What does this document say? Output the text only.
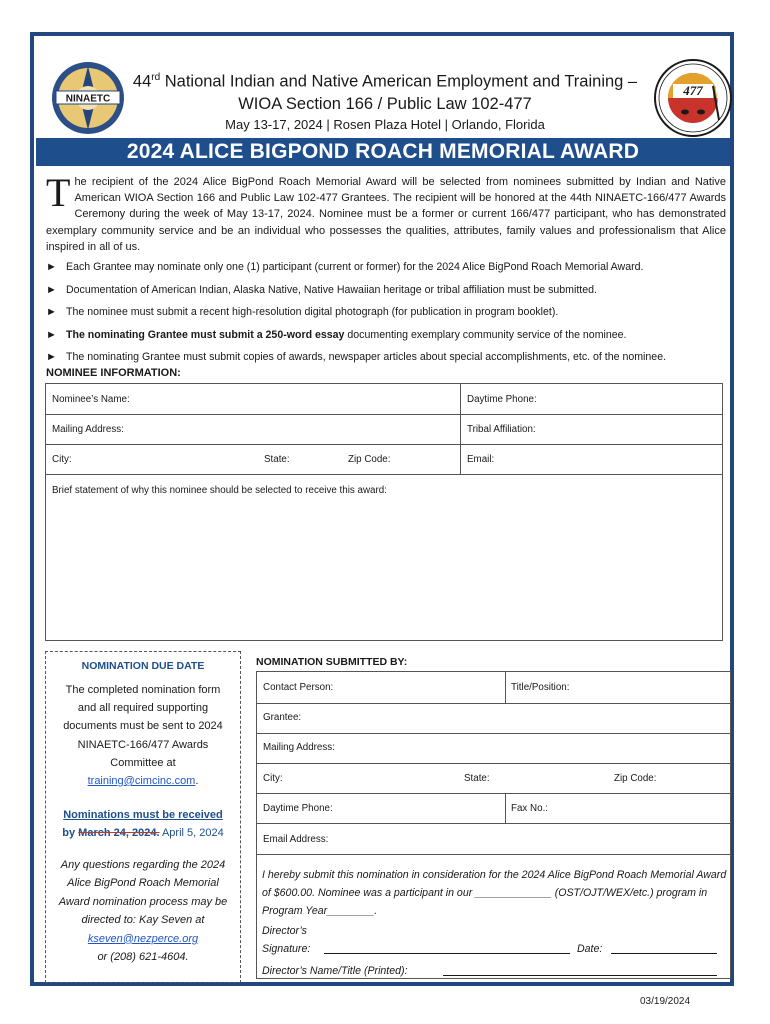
NINAETC
477
44rd National Indian and Native American Employment and Training –
WIOA Section 166 / Public Law 102-477
May 13-17, 2024 | Rosen Plaza Hotel | Orlando, Florida
2024 ALICE BIGPOND ROACH MEMORIAL AWARD
The recipient of the 2024 Alice BigPond Roach Memorial Award will be selected from nominees submitted by Indian and Native American WIOA Section 166 and Public Law 102-477 Grantees. The recipient will be honored at the 44th NINAETC-166/477 Awards Ceremony during the week of May 13-17, 2024. Nominee must be a former or current 166/477 participant, who has demonstrated exemplary community service and be an individual who possesses the qualities, attributes, family values and professionalism that Alice inspired in all of us.
► Each Grantee may nominate only one (1) participant (current or former) for the 2024 Alice BigPond Roach Memorial Award.
► Documentation of American Indian, Alaska Native, Native Hawaiian heritage or tribal affiliation must be submitted.
► The nominee must submit a recent high-resolution digital photograph (for publication in program booklet).
► The nominating Grantee must submit a 250-word essay documenting exemplary community service of the nominee.
► The nominating Grantee must submit copies of awards, newspaper articles about special accomplishments, etc. of the nominee.
NOMINEE INFORMATION:
Nominee’s Name:	Daytime Phone:
Mailing Address:	Tribal Affiliation:
City:	State:	Zip Code:	Email:
Brief statement of why this nominee should be selected to receive this award:
NOMINATION DUE DATE
The completed nomination form and all required supporting documents must be sent to 2024 NINAETC-166/477 Awards Committee at
training@cimcinc.com.
Nominations must be received
by March 24, 2024. April 5, 2024
Any questions regarding the 2024 Alice BigPond Roach Memorial Award nomination process may be directed to: Kay Seven at kseven@nezperce.org
or (208) 621-4604.
NOMINATION SUBMITTED BY:
Contact Person:	Title/Position:
Grantee:
Mailing Address:
City:	State:	Zip Code:
Daytime Phone:	Fax No.:
Email Address:
I hereby submit this nomination in consideration for the 2024 Alice BigPond Roach Memorial Award of $600.00. Nominee was a participant in our _____________ (OST/OJT/WEX/etc.) program in Program Year________.
Director’s
Signature:	Date:
Director’s Name/Title (Printed):
03/19/2024
